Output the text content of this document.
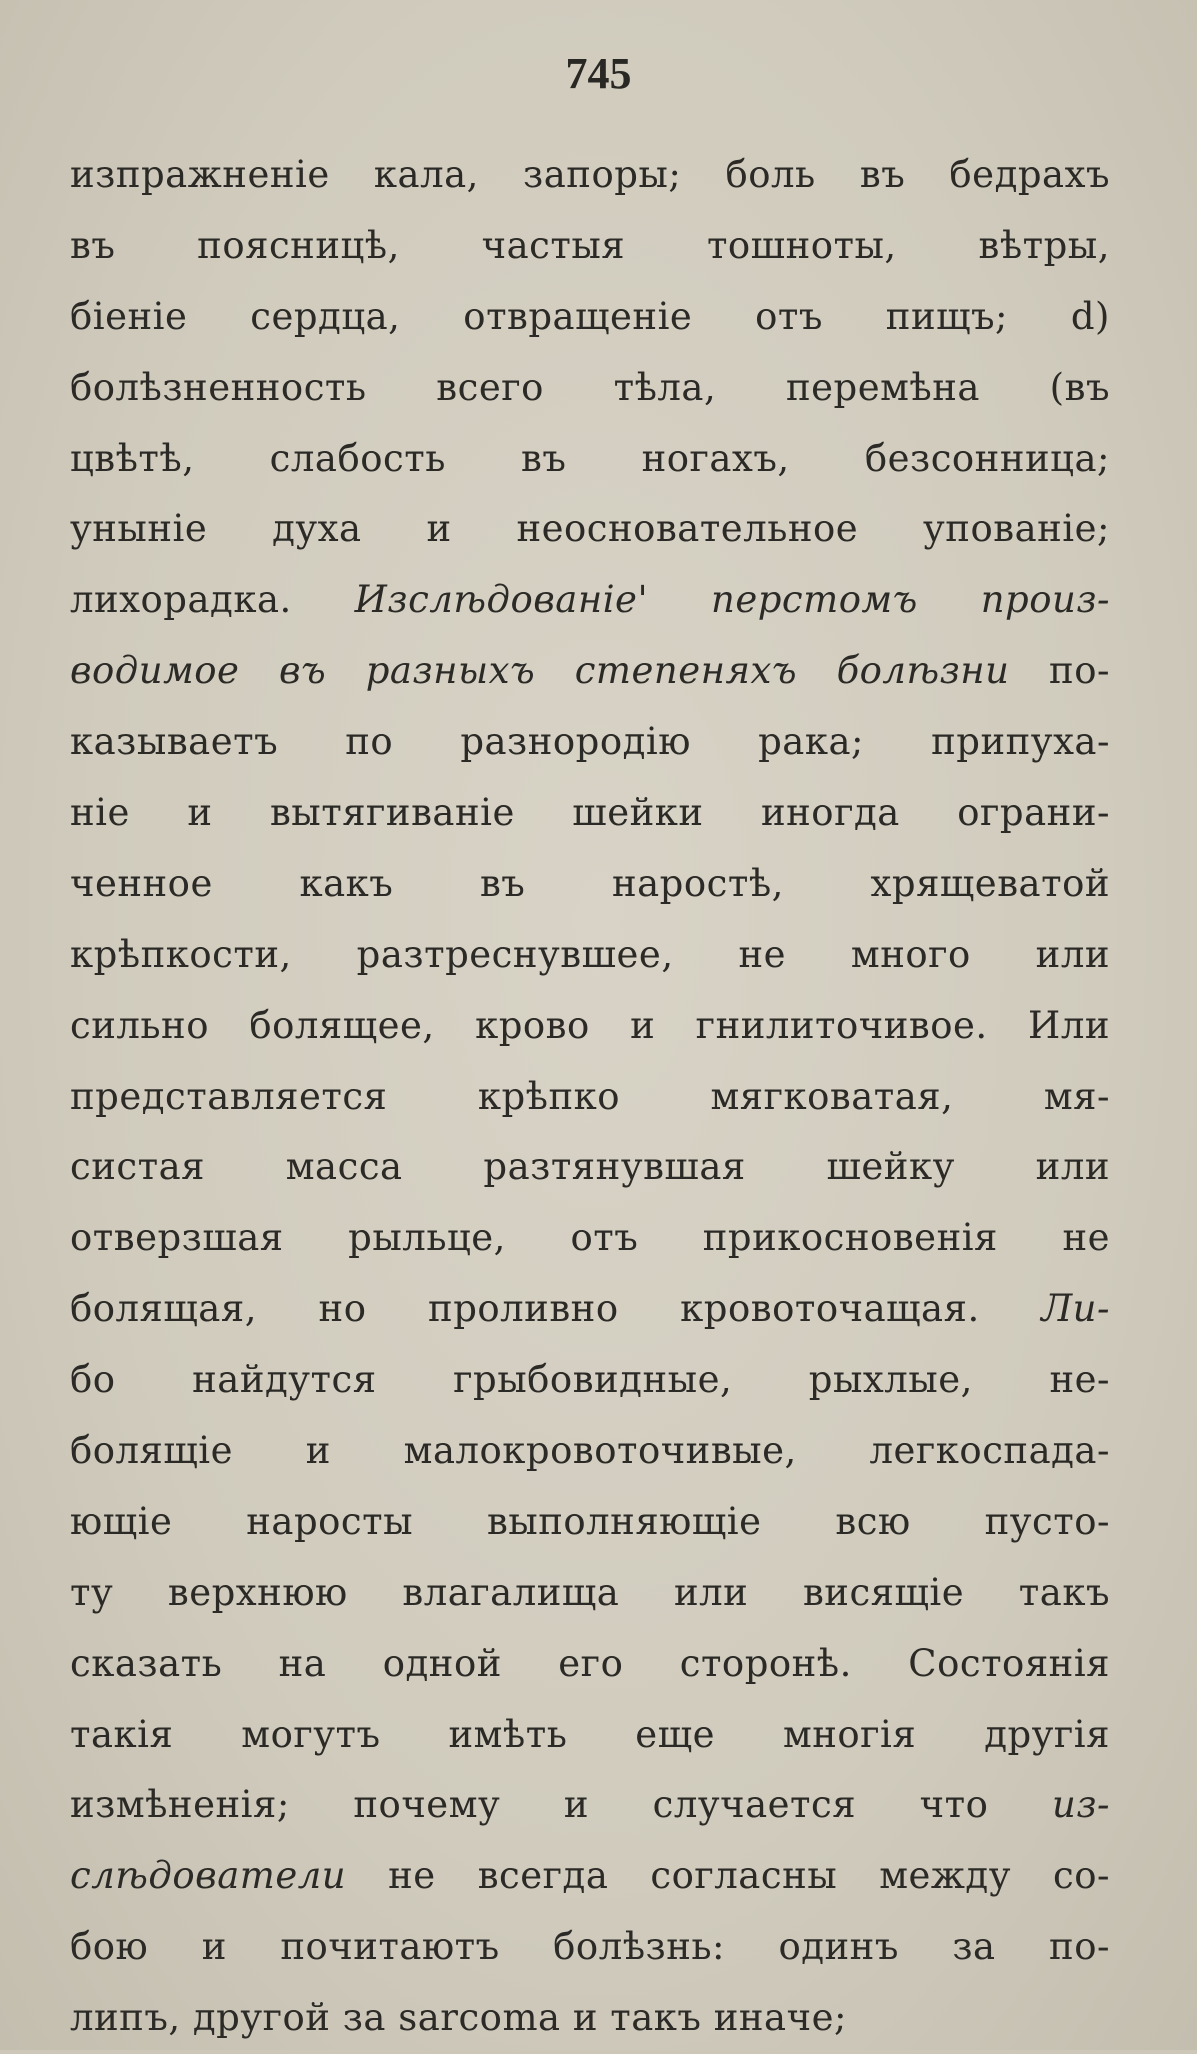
745
изпражненіе кала, запоры; боль въ бедрахъ
въ поясницѣ, частыя тошноты, вѣтры,
біеніе сердца, отвращеніе отъ пищъ; d)
болѣзненность всего тѣла, перемѣна (въ
цвѣтѣ, слабость въ ногахъ, безсонница;
уныніе духа и неосновательное упованіе;
лихорадка. Изслѣдованіе' перстомъ произ-
водимое въ разныхъ степеняхъ болѣзни по-
казываетъ по разнородію рака; припуха-
ніе и вытягиваніе шейки иногда ограни-
ченное какъ въ наростѣ, хрящеватой
крѣпкости, разтреснувшее, не много или
сильно болящее, крово и гнилиточивое. Или
представляется крѣпко мягковатая, мя-
систая масса разтянувшая шейку или
отверзшая рыльце, отъ прикосновенія не
болящая, но проливно кровоточащая. Ли-
бо найдутся грыбовидные, рыхлые, не-
болящіе и малокровоточивые, легкоспада-
ющіе наросты выполняющіе всю пусто-
ту верхнюю влагалища или висящіе такъ
сказать на одной его сторонѣ. Состоянія
такія могутъ имѣть еще многія другія
измѣненія; почему и случается что из-
слѣдователи не всегда согласны между со-
бою и почитаютъ болѣзнь: одинъ за по-
липъ, другой за sarcoma и такъ иначе;
